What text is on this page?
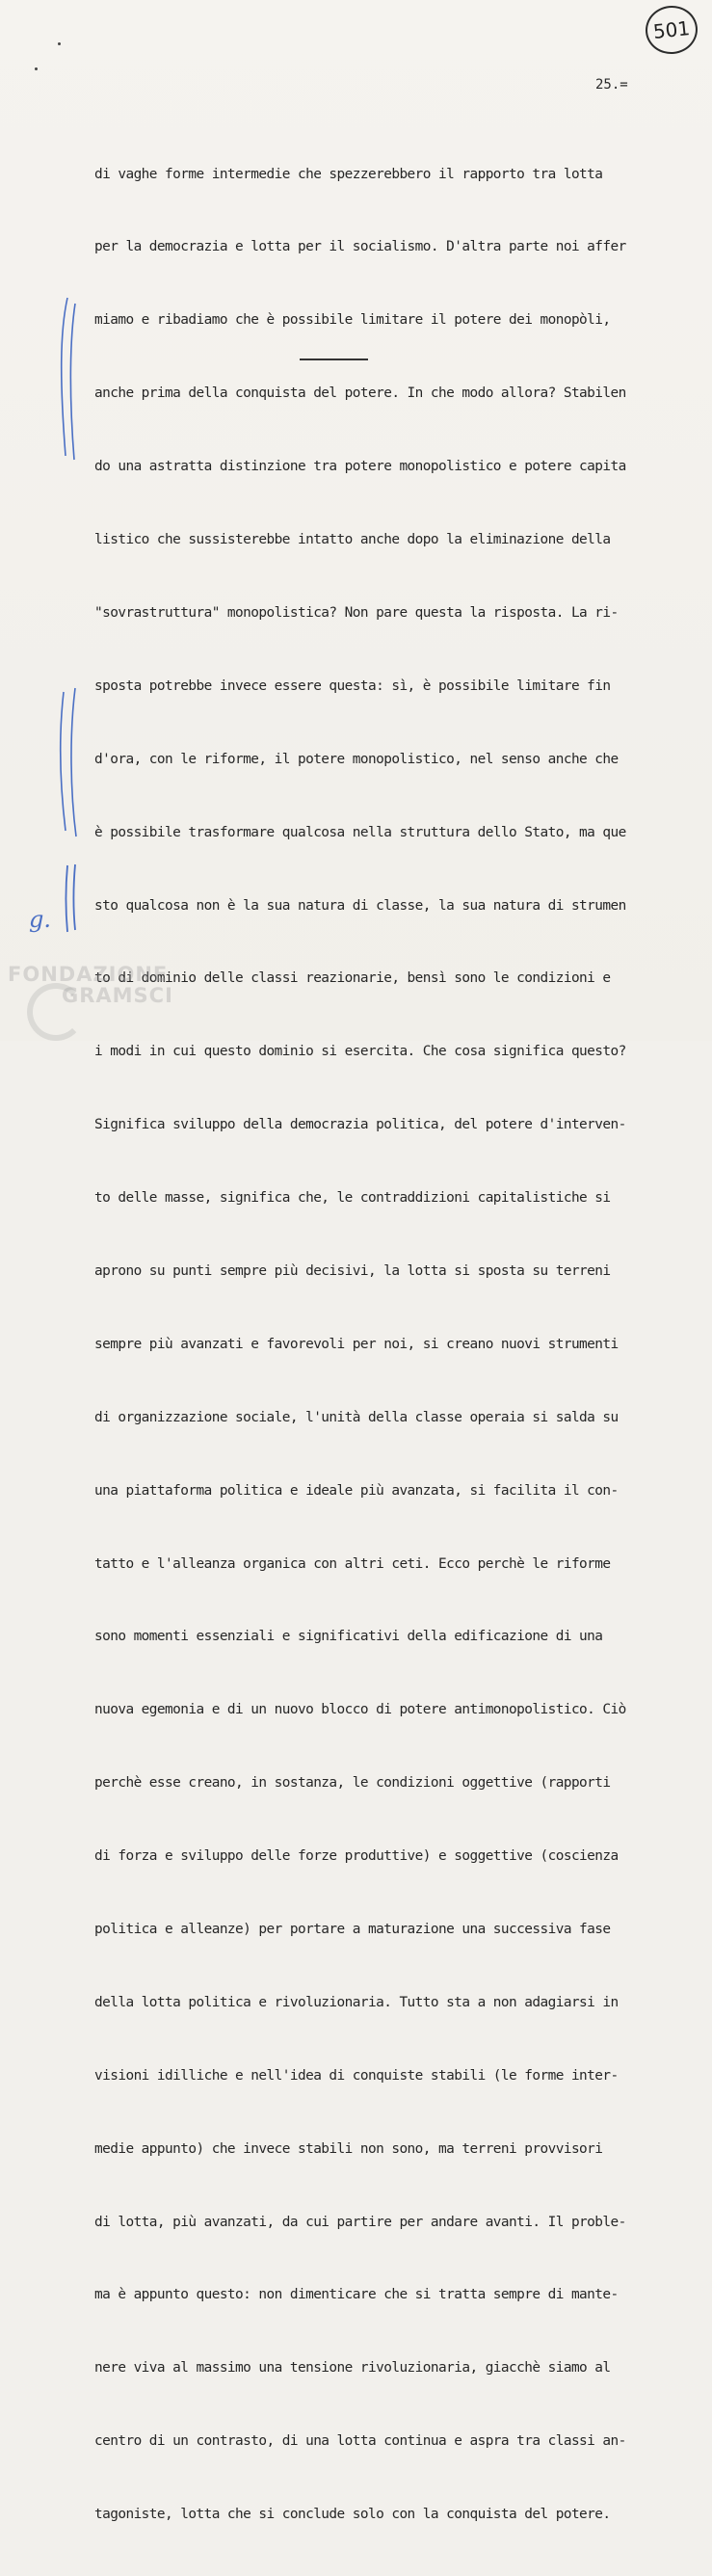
501
25.=

di vaghe forme intermedie che spezzerebbero il rapporto tra lotta

per la democrazia e lotta per il socialismo. D'altra parte noi affer

miamo e ribadiamo che è possibile limitare il potere dei monopòli,

anche prima della conquista del potere. In che modo allora? Stabilen

do una astratta distinzione tra potere monopolistico e potere capita

listico che sussisterebbe intatto anche dopo la eliminazione della

"sovrastruttura" monopolistica? Non pare questa la risposta. La ri-

sposta potrebbe invece essere questa: sì, è possibile limitare fin

d'ora, con le riforme, il potere monopolistico, nel senso anche che

è possibile trasformare qualcosa nella struttura dello Stato, ma que

sto qualcosa non è la sua natura di classe, la sua natura di strumen

to di dominio delle classi reazionarie, bensì sono le condizioni e

i modi in cui questo dominio si esercita. Che cosa significa questo?

Significa sviluppo della democrazia politica, del potere d'interven-

to delle masse, significa che, le contraddizioni capitalistiche si

aprono su punti sempre più decisivi, la lotta si sposta su terreni

sempre più avanzati e favorevoli per noi, si creano nuovi strumenti

di organizzazione sociale, l'unità della classe operaia si salda su

una piattaforma politica e ideale più avanzata, si facilita il con-

tatto e l'alleanza organica con altri ceti. Ecco perchè le riforme

sono momenti essenziali e significativi della edificazione di una

nuova egemonia e di un nuovo blocco di potere antimonopolistico. Ciò

perchè esse creano, in sostanza, le condizioni oggettive (rapporti

di forza e sviluppo delle forze produttive) e soggettive (coscienza

politica e alleanze) per portare a maturazione una successiva fase

della lotta politica e rivoluzionaria. Tutto sta a non adagiarsi in

visioni idilliche e nell'idea di conquiste stabili (le forme inter-

medie appunto) che invece stabili non sono, ma terreni provvisori

di lotta, più avanzati, da cui partire per andare avanti. Il proble-

ma è appunto questo: non dimenticare che si tratta sempre di mante-

nere viva al massimo una tensione rivoluzionaria, giacchè siamo al

centro di un contrasto, di una lotta continua e aspra tra classi an-

tagoniste, lotta che si conclude solo con la conquista del potere.

g.
FONDAZIONE
GRAMSCI
